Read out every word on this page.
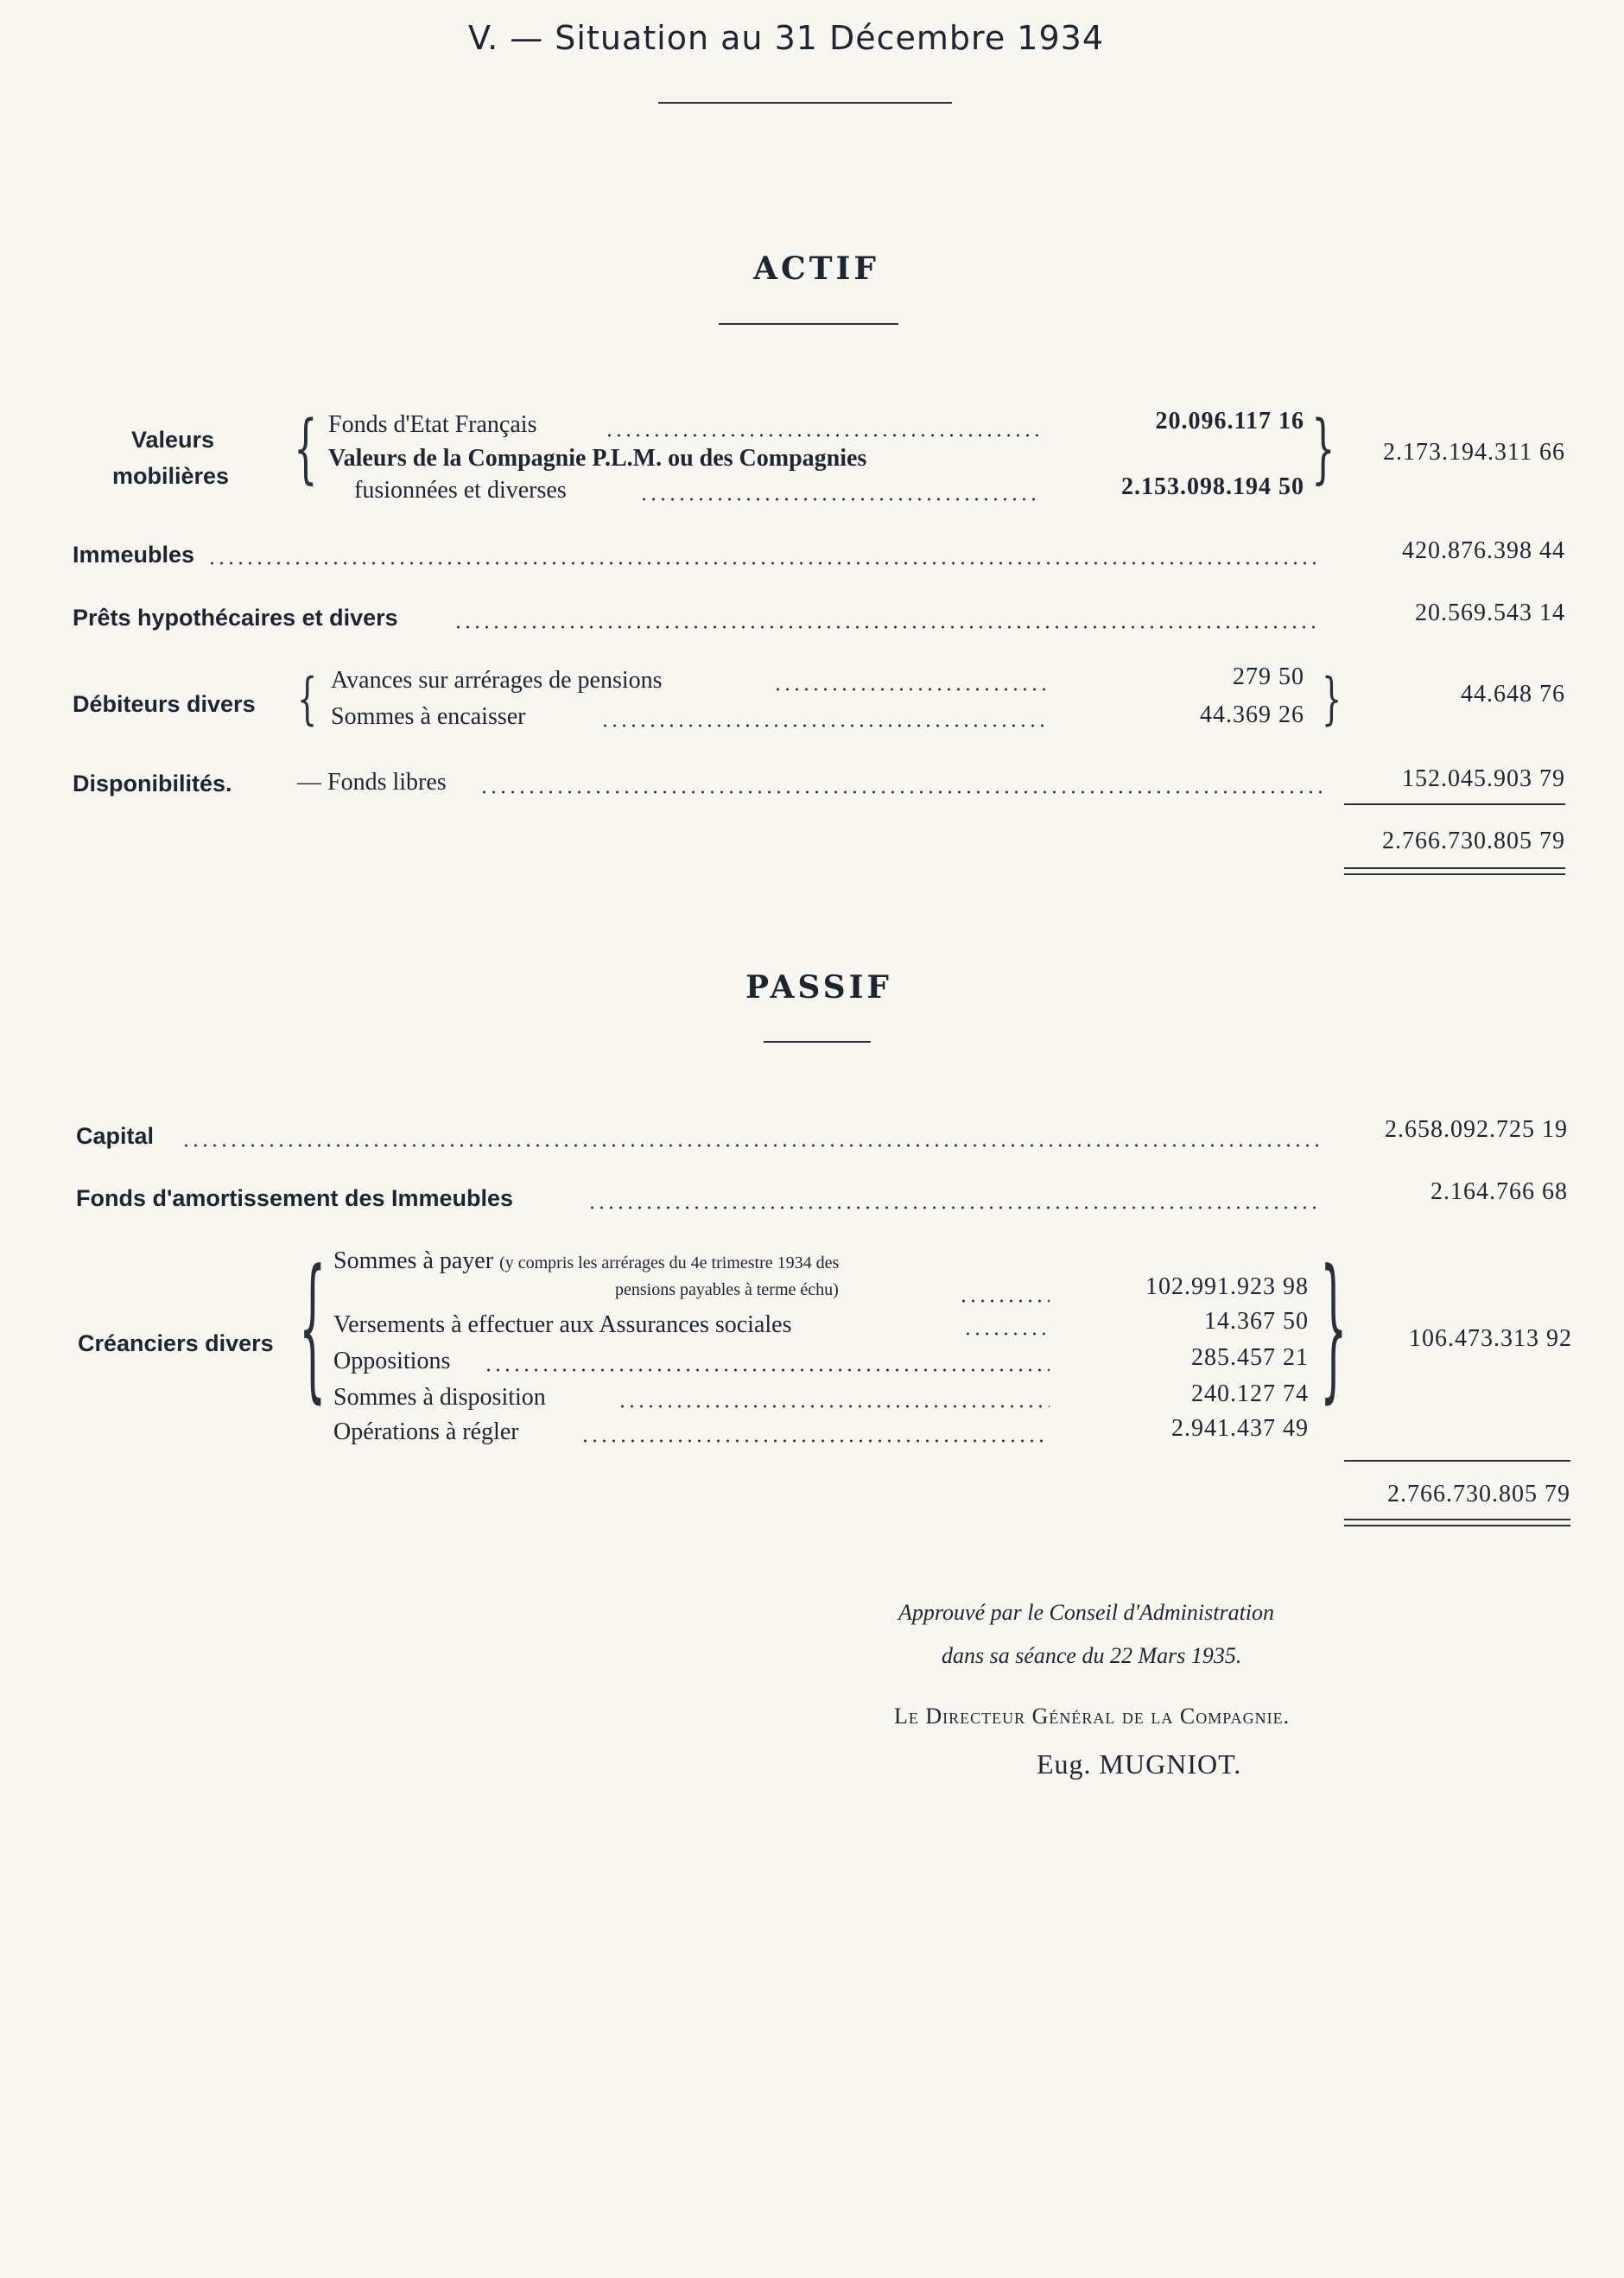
V. — Situation au 31 Décembre 1934
ACTIF
Valeurs
mobilières { Fonds d'Etat Français	20.096.117 16
Valeurs de la Compagnie P.L.M. ou des Compagnies
fusionnées et diverses	2.153.098.194 50 }	2.173.194.311 66
Immeubles	420.876.398 44
Prêts hypothécaires et divers	20.569.543 14
Débiteurs divers { Avances sur arrérages de pensions	279 50
Sommes à encaisser	44.369 26 }	44.648 76
Disponibilités.	— Fonds libres	152.045.903 79
2.766.730.805 79
PASSIF
Capital	2.658.092.725 19
Fonds d'amortissement des Immeubles	2.164.766 68
Créanciers divers { Sommes à payer (y compris les arrérages du 4e trimestre 1934 des
pensions payables à terme échu)	102.991.923 98
Versements à effectuer aux Assurances sociales	14.367 50
Oppositions	285.457 21
Sommes à disposition	240.127 74
Opérations à régler	2.941.437 49
}	106.473.313 92
2.766.730.805 79
Approuvé par le Conseil d'Administration
dans sa séance du 22 Mars 1935.
Le Directeur Général de la Compagnie.
Eug. MUGNIOT.
